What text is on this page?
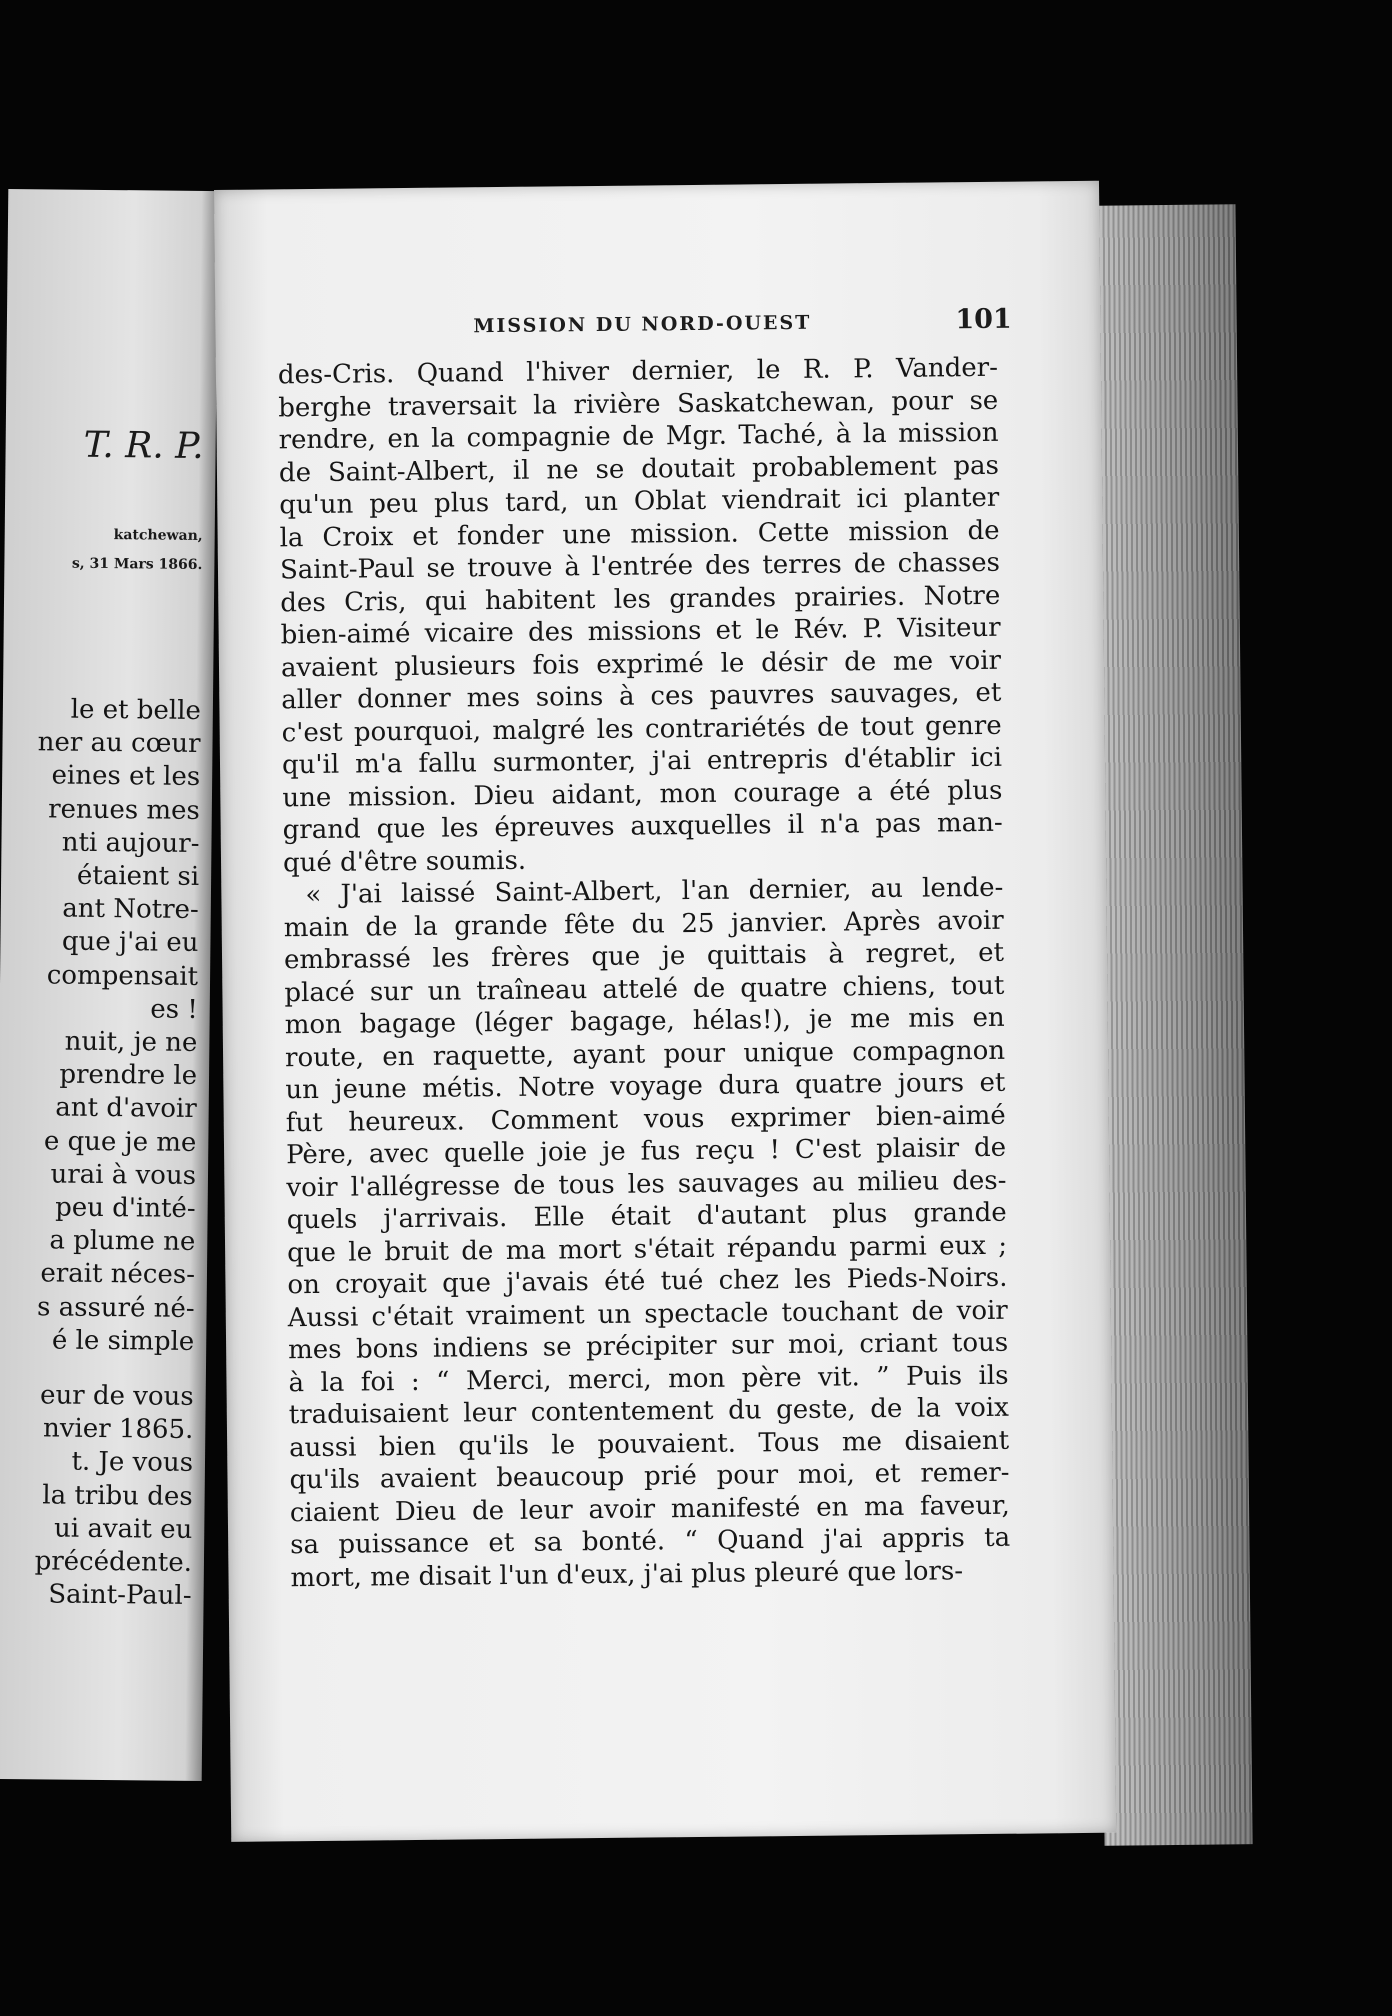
T. R. P.
katchewan,
s, 31 Mars 1866.
le et belle
ner au cœur
eines et les
renues mes
nti aujour-
étaient si
ant Notre-
que j'ai eu
compensait
es !
nuit, je ne
prendre le
ant d'avoir
e que je me
urai à vous
peu d'inté-
a plume ne
erait néces-
s assuré né-
é le simple
eur de vous
nvier 1865.
t. Je vous
la tribu des
ui avait eu
précédente.
Saint-Paul-
MISSION DU NORD-OUEST	101
des-Cris. Quand l'hiver dernier, le R. P. Vander-
berghe traversait la rivière Saskatchewan, pour se
rendre, en la compagnie de Mgr. Taché, à la mission
de Saint-Albert, il ne se doutait probablement pas
qu'un peu plus tard, un Oblat viendrait ici planter
la Croix et fonder une mission. Cette mission de
Saint-Paul se trouve à l'entrée des terres de chasses
des Cris, qui habitent les grandes prairies. Notre
bien-aimé vicaire des missions et le Rév. P. Visiteur
avaient plusieurs fois exprimé le désir de me voir
aller donner mes soins à ces pauvres sauvages, et
c'est pourquoi, malgré les contrariétés de tout genre
qu'il m'a fallu surmonter, j'ai entrepris d'établir ici
une mission. Dieu aidant, mon courage a été plus
grand que les épreuves auxquelles il n'a pas man-
qué d'être soumis.
« J'ai laissé Saint-Albert, l'an dernier, au lende-
main de la grande fête du 25 janvier. Après avoir
embrassé les frères que je quittais à regret, et
placé sur un traîneau attelé de quatre chiens, tout
mon bagage (léger bagage, hélas!), je me mis en
route, en raquette, ayant pour unique compagnon
un jeune métis. Notre voyage dura quatre jours et
fut heureux. Comment vous exprimer bien-aimé
Père, avec quelle joie je fus reçu ! C'est plaisir de
voir l'allégresse de tous les sauvages au milieu des-
quels j'arrivais. Elle était d'autant plus grande
que le bruit de ma mort s'était répandu parmi eux ;
on croyait que j'avais été tué chez les Pieds-Noirs.
Aussi c'était vraiment un spectacle touchant de voir
mes bons indiens se précipiter sur moi, criant tous
à la foi : “ Merci, merci, mon père vit. ” Puis ils
traduisaient leur contentement du geste, de la voix
aussi bien qu'ils le pouvaient. Tous me disaient
qu'ils avaient beaucoup prié pour moi, et remer-
ciaient Dieu de leur avoir manifesté en ma faveur,
sa puissance et sa bonté. “ Quand j'ai appris ta
mort, me disait l'un d'eux, j'ai plus pleuré que lors-
